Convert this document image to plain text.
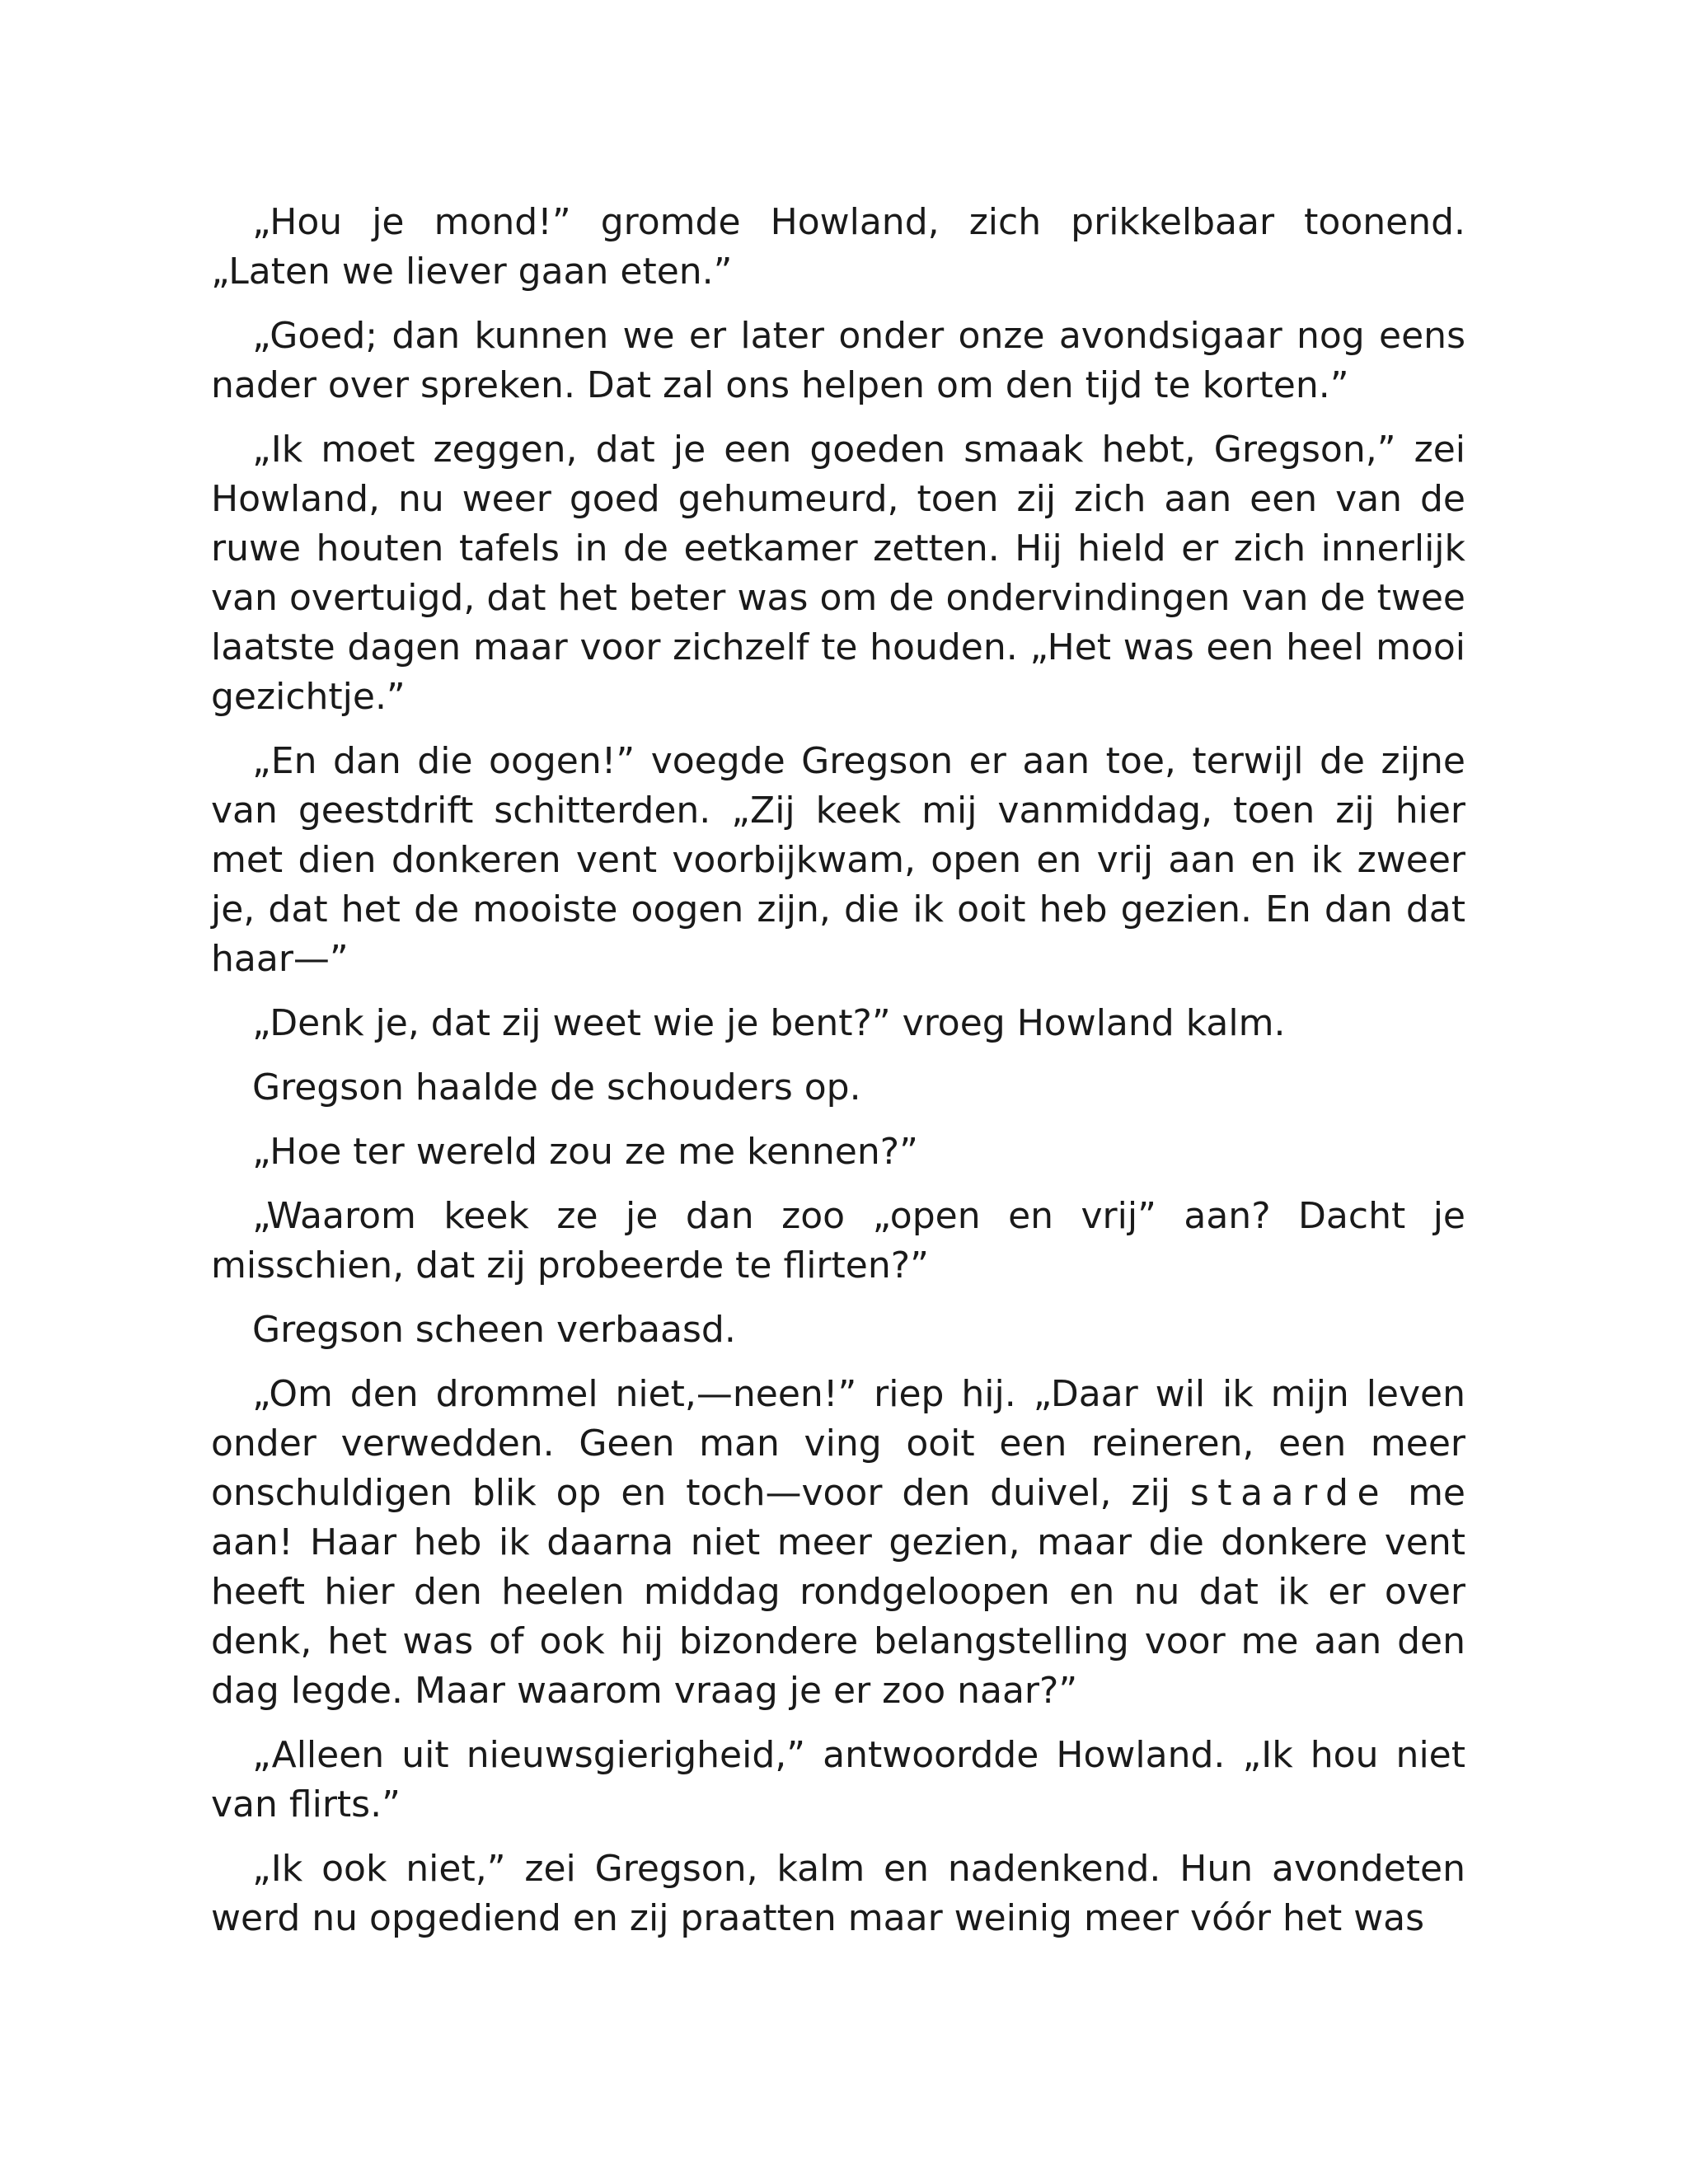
„Hou je mond!” gromde Howland, zich prikkelbaar toonend. „Laten we liever gaan eten.”

„Goed; dan kunnen we er later onder onze avondsigaar nog eens nader over spreken. Dat zal ons helpen om den tijd te korten.”

„Ik moet zeggen, dat je een goeden smaak hebt, Gregson,” zei Howland, nu weer goed gehumeurd, toen zij zich aan een van de ruwe houten tafels in de eetkamer zetten. Hij hield er zich innerlijk van overtuigd, dat het beter was om de ondervindingen van de twee laatste dagen maar voor zichzelf te houden. „Het was een heel mooi gezichtje.”

„En dan die oogen!” voegde Gregson er aan toe, terwijl de zijne van geestdrift schitterden. „Zij keek mij vanmiddag, toen zij hier met dien donkeren vent voorbijkwam, open en vrij aan en ik zweer je, dat het de mooiste oogen zijn, die ik ooit heb gezien. En dan dat haar—”

„Denk je, dat zij weet wie je bent?” vroeg Howland kalm.

Gregson haalde de schouders op.

„Hoe ter wereld zou ze me kennen?”

„Waarom keek ze je dan zoo „open en vrij” aan? Dacht je misschien, dat zij probeerde te flirten?”

Gregson scheen verbaasd.

„Om den drommel niet,—neen!” riep hij. „Daar wil ik mijn leven onder verwedden. Geen man ving ooit een reineren, een meer onschuldigen blik op en toch—voor den duivel, zij staarde me aan! Haar heb ik daarna niet meer gezien, maar die donkere vent heeft hier den heelen middag rondgeloopen en nu dat ik er over denk, het was of ook hij bizondere belangstelling voor me aan den dag legde. Maar waarom vraag je er zoo naar?”

„Alleen uit nieuwsgierigheid,” antwoordde Howland. „Ik hou niet van flirts.”

„Ik ook niet,” zei Gregson, kalm en nadenkend. Hun avondeten werd nu opgediend en zij praatten maar weinig meer vóór het was
